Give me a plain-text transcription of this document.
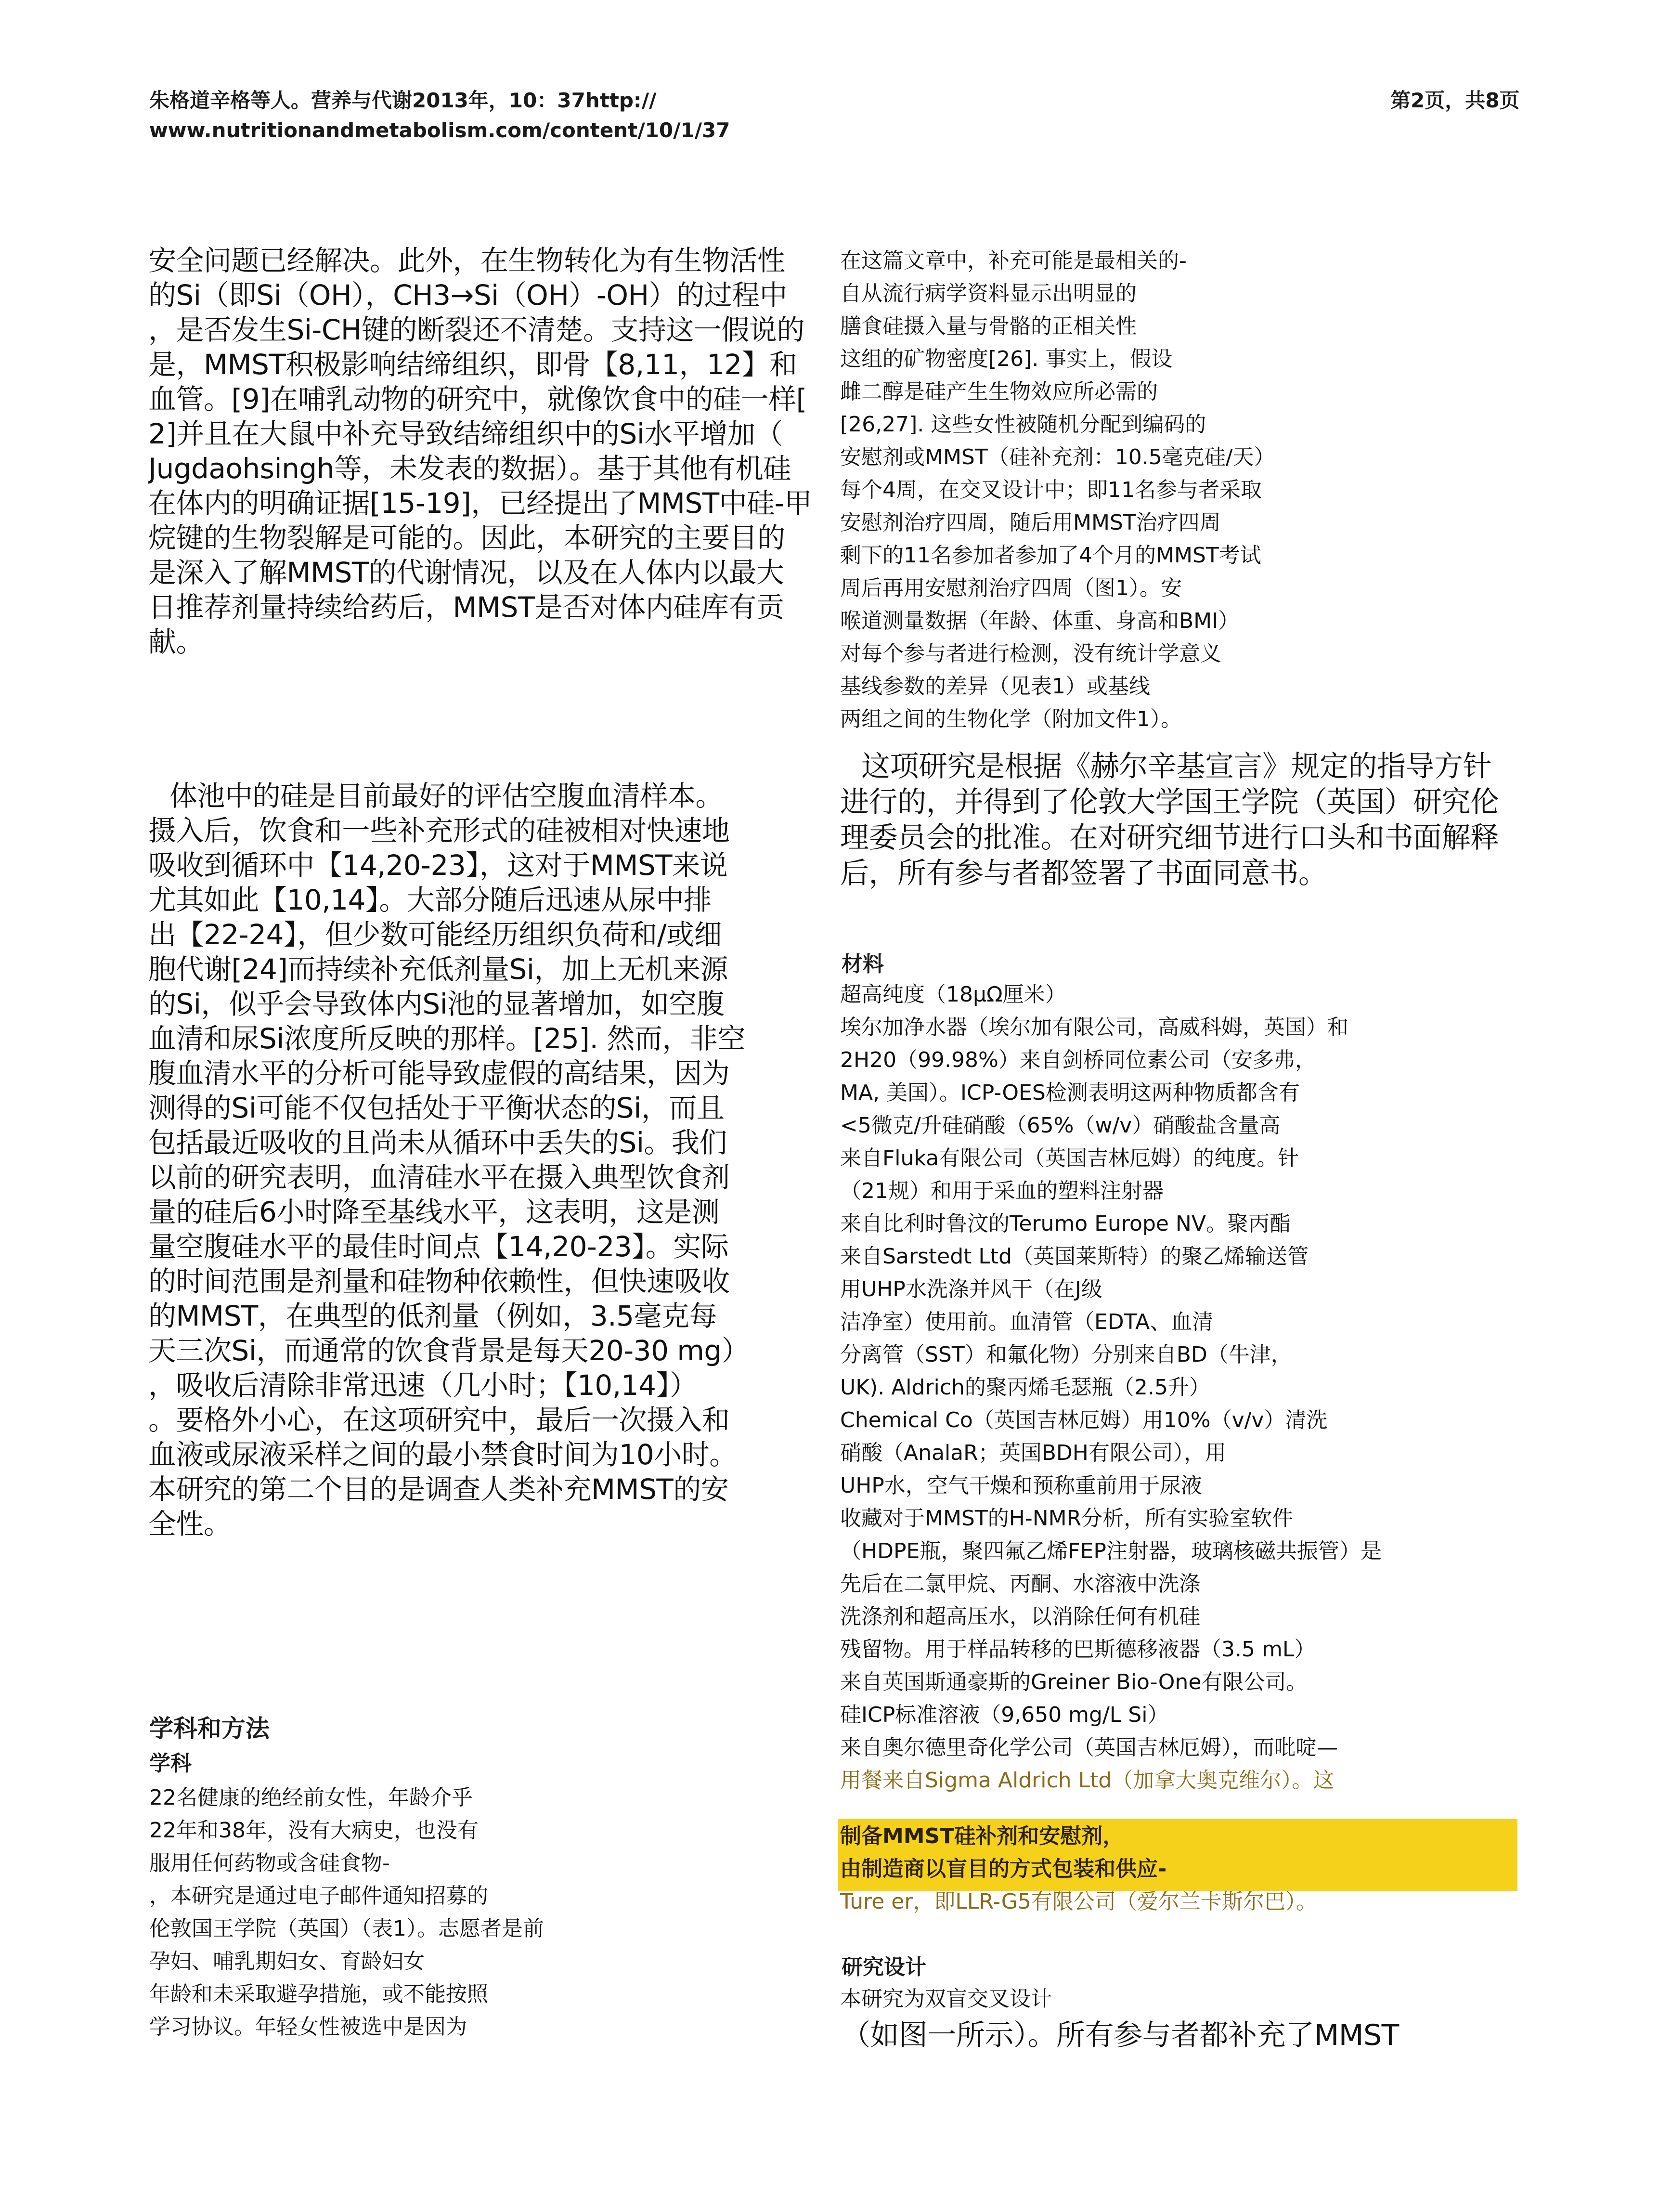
朱格道辛格等人。营养与代谢2013年，10：37http://
www.nutritionandmetabolism.com/content/10/1/37
第2页，共8页
安全问题已经解决。此外，在生物转化为有生物活性
的Si（即Si（OH），CH3→Si（OH）-OH）的过程中
，是否发生Si-CH键的断裂还不清楚。支持这一假说的
是，MMST积极影响结缔组织，即骨【8,11，12】和
血管。[9]在哺乳动物的研究中，就像饮食中的硅一样[
2]并且在大鼠中补充导致结缔组织中的Si水平增加（
Jugdaohsingh等，未发表的数据）。基于其他有机硅
在体内的明确证据[15-19]，已经提出了MMST中硅-甲
烷键的生物裂解是可能的。因此，本研究的主要目的
是深入了解MMST的代谢情况，以及在人体内以最大
日推荐剂量持续给药后，MMST是否对体内硅库有贡
献。
体池中的硅是目前最好的评估空腹血清样本。
摄入后，饮食和一些补充形式的硅被相对快速地
吸收到循环中【14,20-23】，这对于MMST来说
尤其如此【10,14】。大部分随后迅速从尿中排
出【22-24】，但少数可能经历组织负荷和/或细
胞代谢[24]而持续补充低剂量Si，加上无机来源
的Si，似乎会导致体内Si池的显著增加，如空腹
血清和尿Si浓度所反映的那样。[25]. 然而，非空
腹血清水平的分析可能导致虚假的高结果，因为
测得的Si可能不仅包括处于平衡状态的Si，而且
包括最近吸收的且尚未从循环中丢失的Si。我们
以前的研究表明，血清硅水平在摄入典型饮食剂
量的硅后6小时降至基线水平，这表明，这是测
量空腹硅水平的最佳时间点【14,20-23】。实际
的时间范围是剂量和硅物种依赖性，但快速吸收
的MMST，在典型的低剂量（例如，3.5毫克每
天三次Si，而通常的饮食背景是每天20-30 mg）
，吸收后清除非常迅速（几小时；【10,14】）
。要格外小心，在这项研究中，最后一次摄入和
血液或尿液采样之间的最小禁食时间为10小时。
本研究的第二个目的是调查人类补充MMST的安
全性。
学科和方法
学科
22名健康的绝经前女性，年龄介乎
22年和38年，没有大病史，也没有
服用任何药物或含硅食物-
，本研究是通过电子邮件通知招募的
伦敦国王学院（英国）（表1）。志愿者是前
孕妇、哺乳期妇女、育龄妇女
年龄和未采取避孕措施，或不能按照
学习协议。年轻女性被选中是因为
在这篇文章中，补充可能是最相关的-
自从流行病学资料显示出明显的
膳食硅摄入量与骨骼的正相关性
这组的矿物密度[26]. 事实上，假设
雌二醇是硅产生生物效应所必需的
[26,27]. 这些女性被随机分配到编码的
安慰剂或MMST（硅补充剂：10.5毫克硅/天）
每个4周，在交叉设计中；即11名参与者采取
安慰剂治疗四周，随后用MMST治疗四周
剩下的11名参加者参加了4个月的MMST考试
周后再用安慰剂治疗四周（图1）。安
喉道测量数据（年龄、体重、身高和BMI）
对每个参与者进行检测，没有统计学意义
基线参数的差异（见表1）或基线
两组之间的生物化学（附加文件1）。
这项研究是根据《赫尔辛基宣言》规定的指导方针
进行的，并得到了伦敦大学国王学院（英国）研究伦
理委员会的批准。在对研究细节进行口头和书面解释
后，所有参与者都签署了书面同意书。
材料
超高纯度（18μΩ厘米）
埃尔加净水器（埃尔加有限公司，高威科姆，英国）和
2H20（99.98%）来自剑桥同位素公司（安多弗，
MA, 美国）。ICP-OES检测表明这两种物质都含有
<5微克/升硅硝酸（65%（w/v）硝酸盐含量高
来自Fluka有限公司（英国吉林厄姆）的纯度。针
（21规）和用于采血的塑料注射器
来自比利时鲁汶的Terumo Europe NV。聚丙酯
来自Sarstedt Ltd（英国莱斯特）的聚乙烯输送管
用UHP水洗涤并风干（在J级
洁净室）使用前。血清管（EDTA、血清
分离管（SST）和氟化物）分别来自BD（牛津，
UK). Aldrich的聚丙烯毛瑟瓶（2.5升）
Chemical Co（英国吉林厄姆）用10%（v/v）清洗
硝酸（AnalaR；英国BDH有限公司），用
UHP水，空气干燥和预称重前用于尿液
收藏对于MMST的H-NMR分析，所有实验室软件
（HDPE瓶，聚四氟乙烯FEP注射器，玻璃核磁共振管）是
先后在二氯甲烷、丙酮、水溶液中洗涤
洗涤剂和超高压水，以消除任何有机硅
残留物。用于样品转移的巴斯德移液器（3.5 mL）
来自英国斯通豪斯的Greiner Bio-One有限公司。
硅ICP标准溶液（9,650 mg/L Si）
来自奥尔德里奇化学公司（英国吉林厄姆），而吡啶—
用餐来自Sigma Aldrich Ltd（加拿大奥克维尔）。这
制备MMST硅补剂和安慰剂，
由制造商以盲目的方式包装和供应-
Ture er，即LLR-G5有限公司（爱尔兰卡斯尔巴）。
研究设计
本研究为双盲交叉设计
（如图一所示）。所有参与者都补充了MMST
